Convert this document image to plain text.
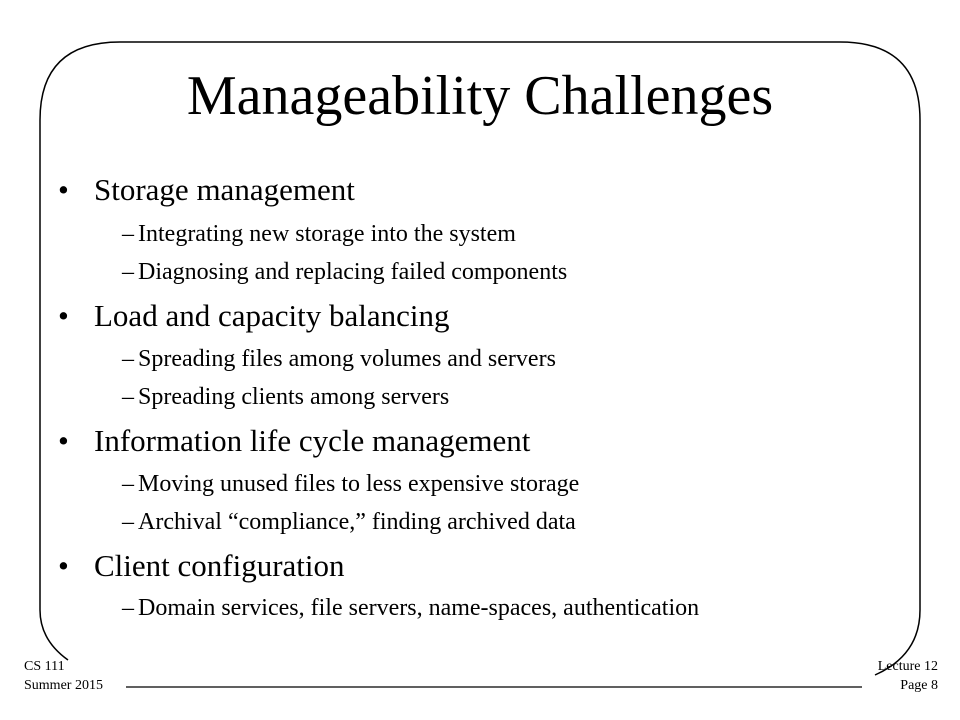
Manageability Challenges
• Storage management
– Integrating new storage into the system
– Diagnosing and replacing failed components
• Load and capacity balancing
– Spreading files among volumes and servers
– Spreading clients among servers
• Information life cycle management
– Moving unused files to less expensive storage
– Archival “compliance,” finding archived data
• Client configuration
– Domain services, file servers, name-spaces, authentication
CS 111
Summer 2015
Lecture 12
Page 8
